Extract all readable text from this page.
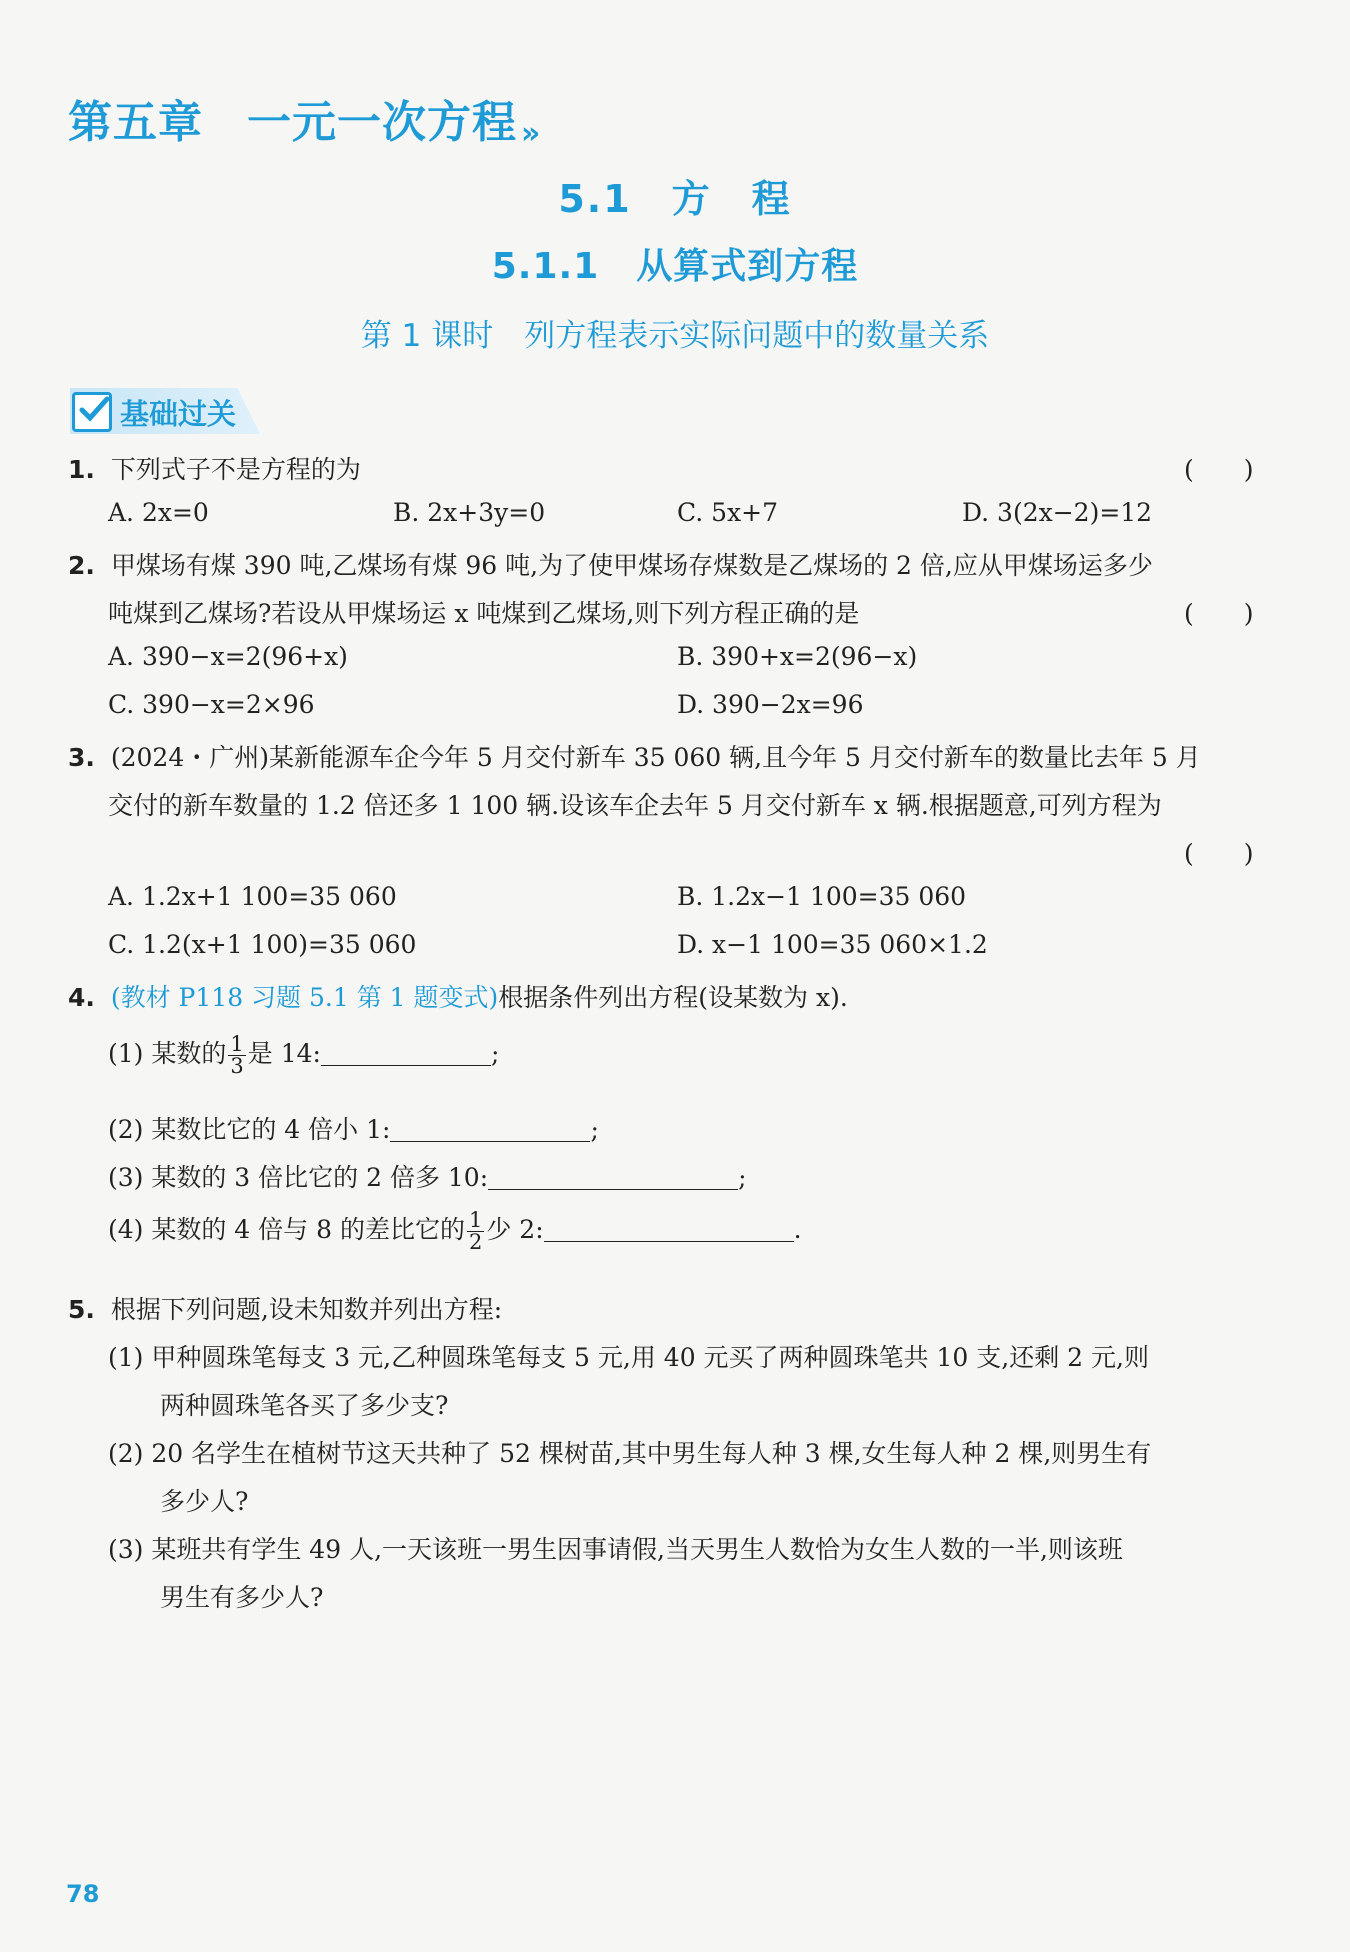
第五章 一元一次方程 »
5.1　方　程
5.1.1　从算式到方程
第 1 课时　列方程表示实际问题中的数量关系
基础过关
1. 下列式子不是方程的为	(　　)
A. 2x=0	B. 2x+3y=0	C. 5x+7	D. 3(2x−2)=12
2. 甲煤场有煤 390 吨,乙煤场有煤 96 吨,为了使甲煤场存煤数是乙煤场的 2 倍,应从甲煤场运多少
吨煤到乙煤场?若设从甲煤场运 x 吨煤到乙煤场,则下列方程正确的是	(　　)
A. 390−x=2(96+x)	B. 390+x=2(96−x)
C. 390−x=2×96	D. 390−2x=96
3. (2024・广州)某新能源车企今年 5 月交付新车 35 060 辆,且今年 5 月交付新车的数量比去年 5 月
交付的新车数量的 1.2 倍还多 1 100 辆.设该车企去年 5 月交付新车 x 辆.根据题意,可列方程为
(　　)
A. 1.2x+1 100=35 060	B. 1.2x−1 100=35 060
C. 1.2(x+1 100)=35 060	D. x−1 100=35 060×1.2
4. (教材 P118 习题 5.1 第 1 题变式)根据条件列出方程(设某数为 x).
(1) 某数的 $\frac{1}{3}$ 是 14:	;
(2) 某数比它的 4 倍小 1:	;
(3) 某数的 3 倍比它的 2 倍多 10:	;
(4) 某数的 4 倍与 8 的差比它的 $\frac{1}{2}$ 少 2:	.
5. 根据下列问题,设未知数并列出方程:
(1) 甲种圆珠笔每支 3 元,乙种圆珠笔每支 5 元,用 40 元买了两种圆珠笔共 10 支,还剩 2 元,则
两种圆珠笔各买了多少支?
(2) 20 名学生在植树节这天共种了 52 棵树苗,其中男生每人种 3 棵,女生每人种 2 棵,则男生有
多少人?
(3) 某班共有学生 49 人,一天该班一男生因事请假,当天男生人数恰为女生人数的一半,则该班
男生有多少人?
78
